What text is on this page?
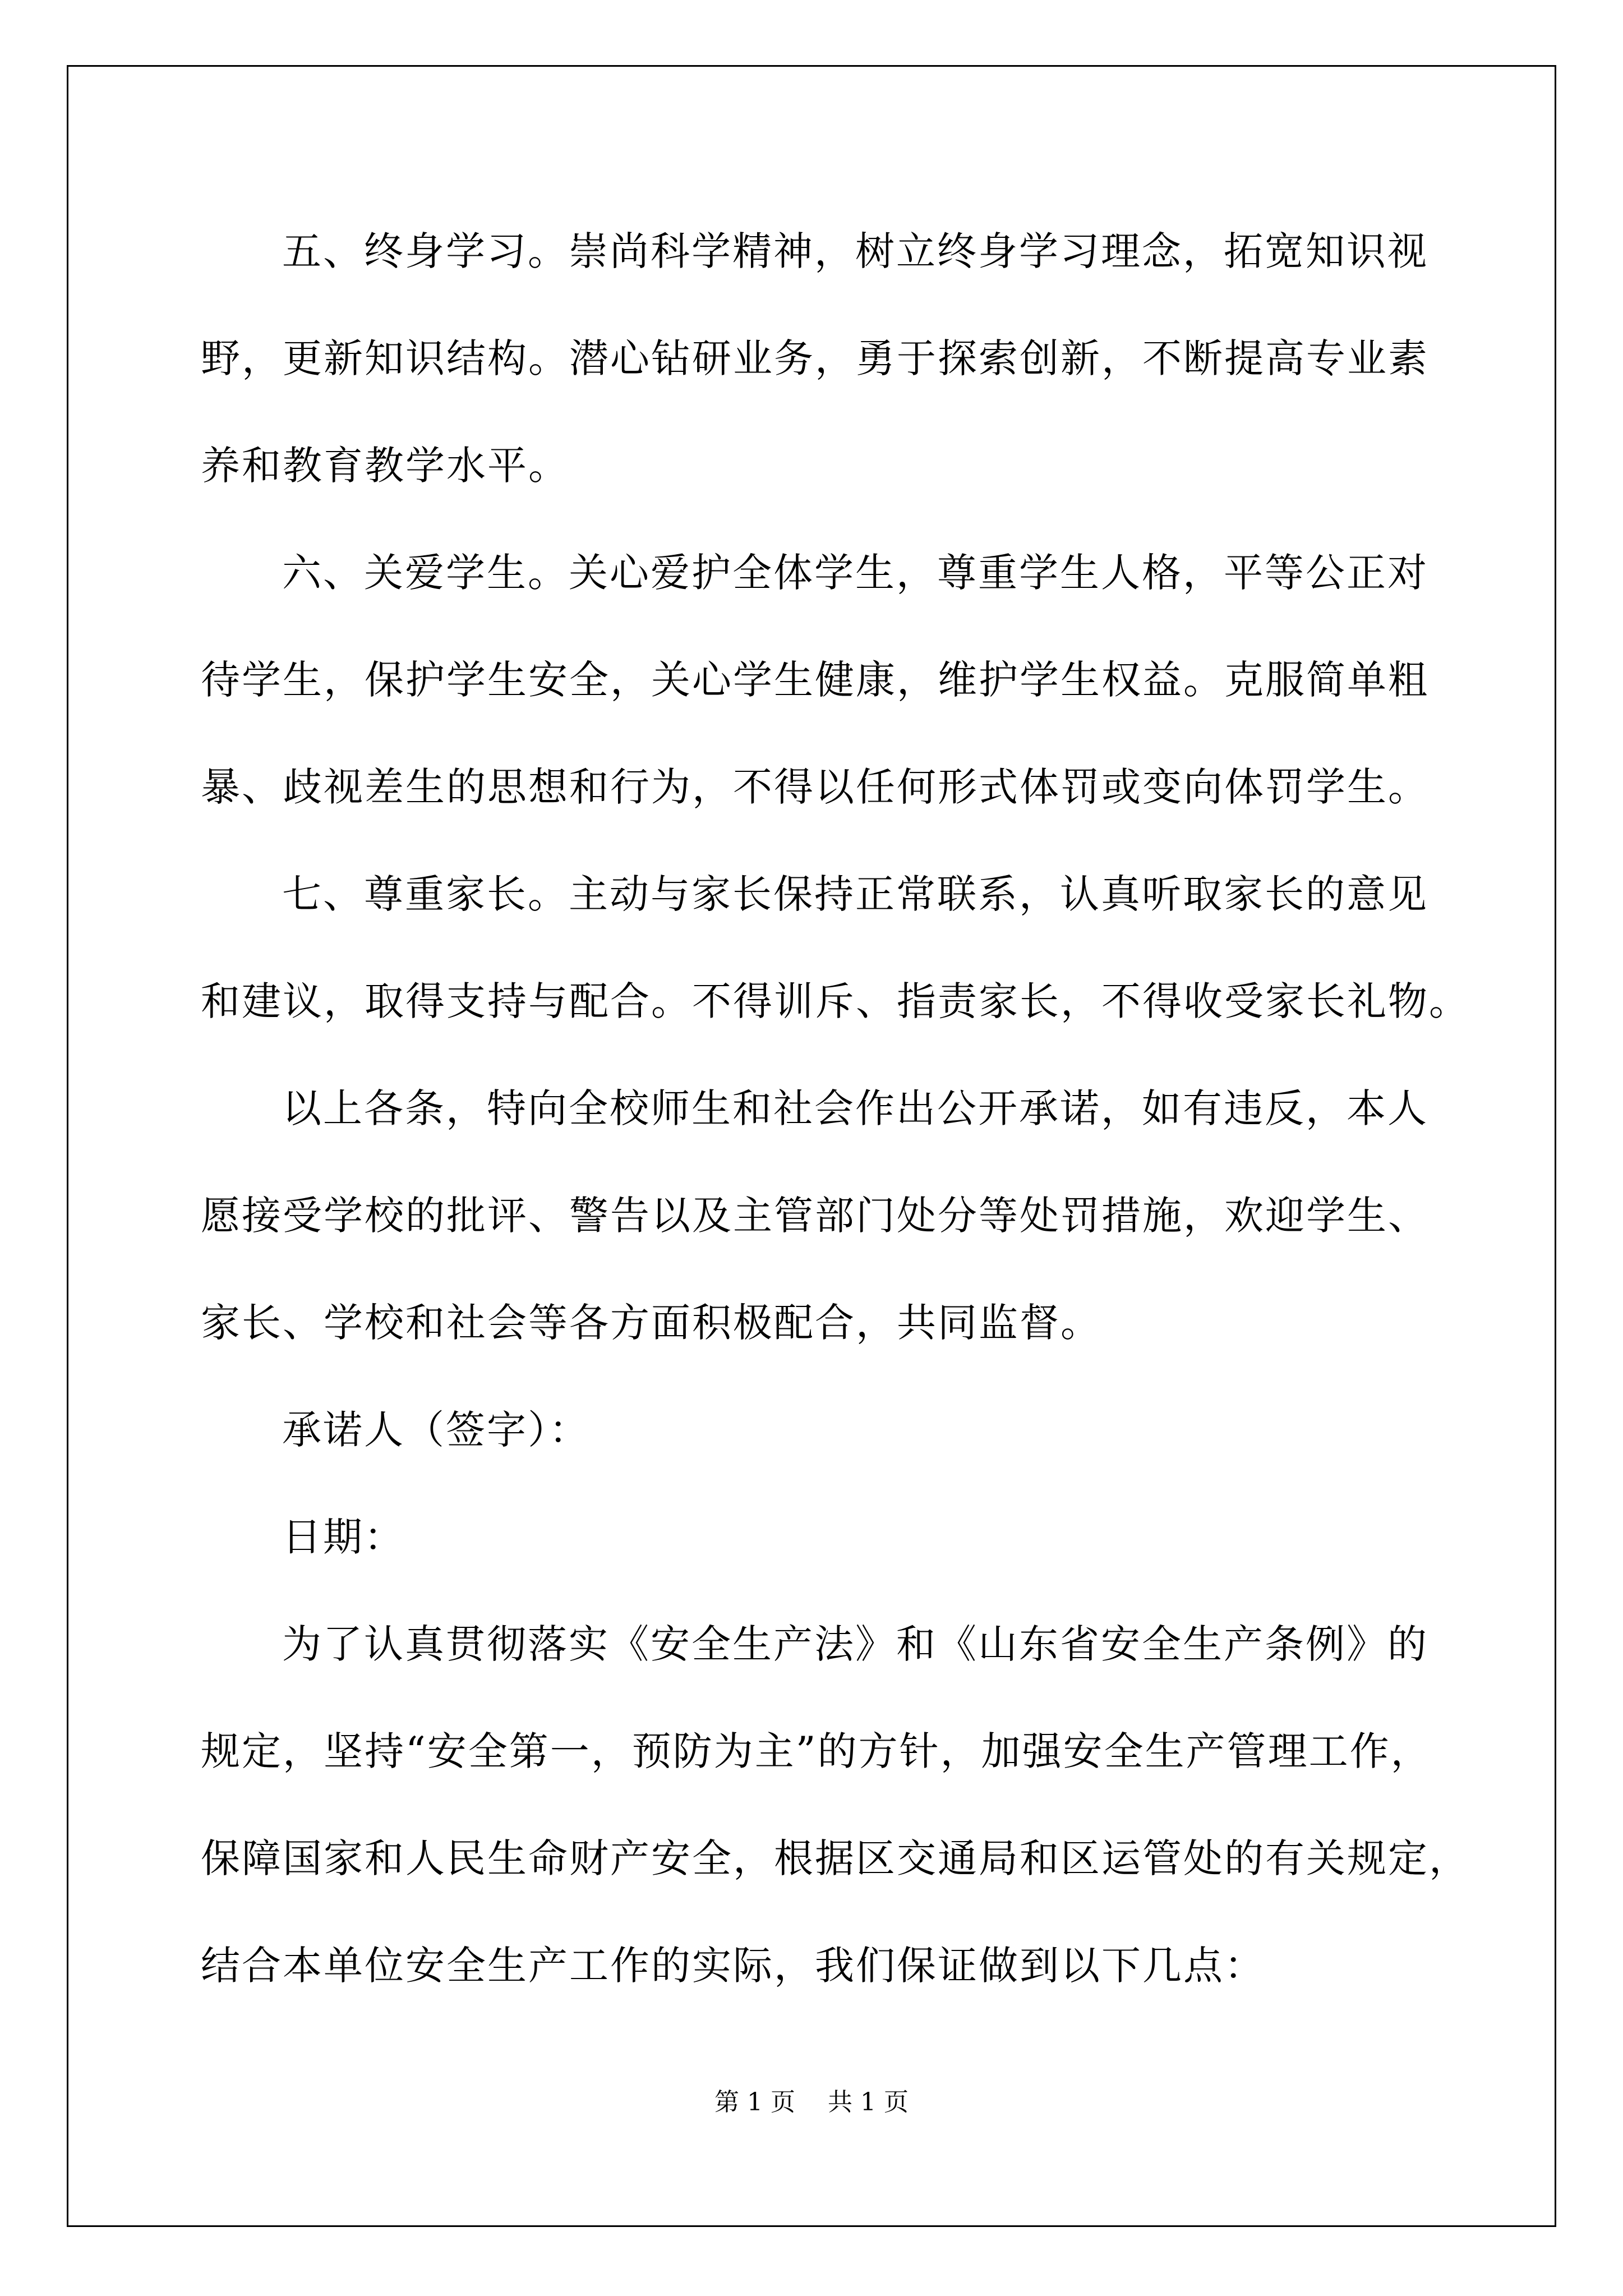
五、终身学习。崇尚科学精神，树立终身学习理念，拓宽知识视
野，更新知识结构。潜心钻研业务，勇于探索创新，不断提高专业素
养和教育教学水平。
六、关爱学生。关心爱护全体学生，尊重学生人格，平等公正对
待学生，保护学生安全，关心学生健康，维护学生权益。克服简单粗
暴、歧视差生的思想和行为，不得以任何形式体罚或变向体罚学生。
七、尊重家长。主动与家长保持正常联系，认真听取家长的意见
和建议，取得支持与配合。不得训斥、指责家长，不得收受家长礼物。
以上各条，特向全校师生和社会作出公开承诺，如有违反，本人
愿接受学校的批评、警告以及主管部门处分等处罚措施，欢迎学生、
家长、学校和社会等各方面积极配合，共同监督。
承诺人（签字）：
日期：
为了认真贯彻落实《安全生产法》和《山东省安全生产条例》的
规定，坚持“安全第一，预防为主”的方针，加强安全生产管理工作，
保障国家和人民生命财产安全，根据区交通局和区运管处的有关规定，
结合本单位安全生产工作的实际，我们保证做到以下几点：
第 1 页　 共 1 页
